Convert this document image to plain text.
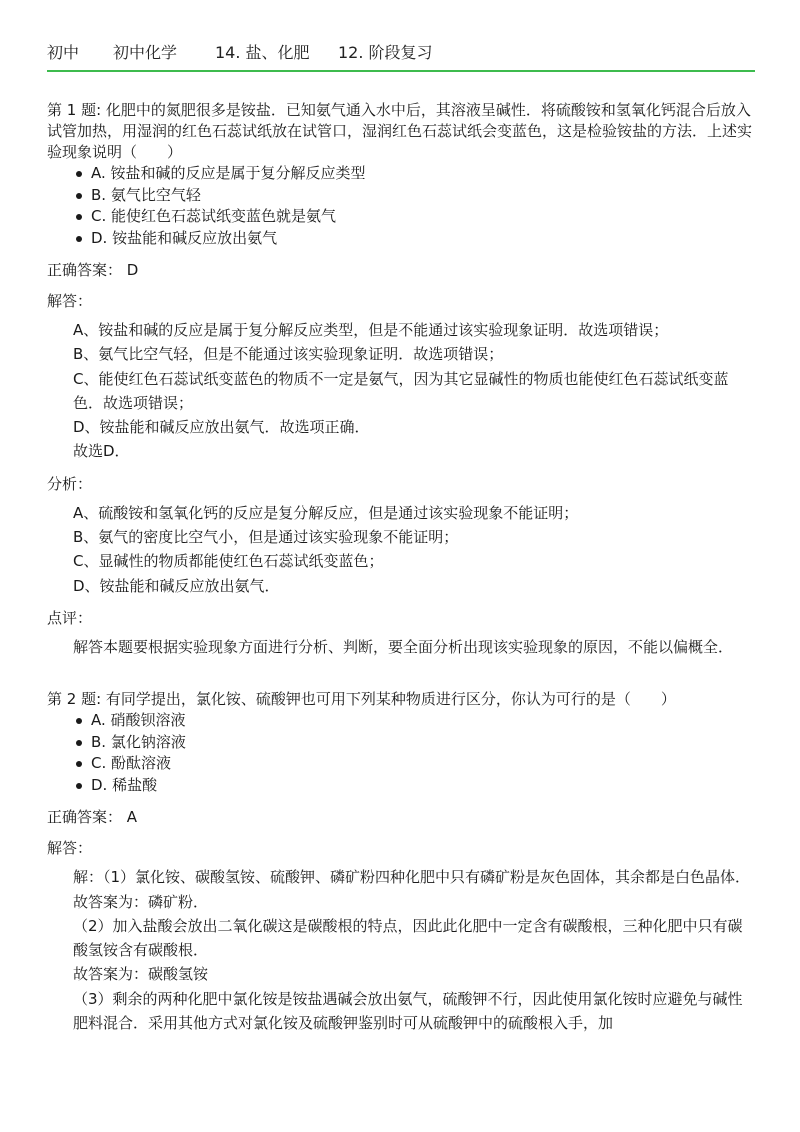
初中	初中化学	14. 盐、化肥	12. 阶段复习

第 1 题: 化肥中的氮肥很多是铵盐．已知氨气通入水中后，其溶液呈碱性．将硫酸铵和氢氧化钙混合后放入试管加热，用湿润的红色石蕊试纸放在试管口，湿润红色石蕊试纸会变蓝色，这是检验铵盐的方法．上述实验现象说明（　　）

A. 铵盐和碱的反应是属于复分解反应类型
B. 氨气比空气轻
C. 能使红色石蕊试纸变蓝色就是氨气
D. 铵盐能和碱反应放出氨气
正确答案： D
解答：

A、铵盐和碱的反应是属于复分解反应类型，但是不能通过该实验现象证明．故选项错误；

B、氨气比空气轻，但是不能通过该实验现象证明．故选项错误；

C、能使红色石蕊试纸变蓝色的物质不一定是氨气，因为其它显碱性的物质也能使红色石蕊试纸变蓝色．故选项错误；

D、铵盐能和碱反应放出氨气．故选项正确．

故选D．

分析：

A、硫酸铵和氢氧化钙的反应是复分解反应，但是通过该实验现象不能证明；

B、氨气的密度比空气小，但是通过该实验现象不能证明；

C、显碱性的物质都能使红色石蕊试纸变蓝色；

D、铵盐能和碱反应放出氨气．

点评：

解答本题要根据实验现象方面进行分析、判断，要全面分析出现该实验现象的原因，不能以偏概全．

第 2 题: 有同学提出，氯化铵、硫酸钾也可用下列某种物质进行区分，你认为可行的是（　　）

A. 硝酸钡溶液
B. 氯化钠溶液
C. 酚酞溶液
D. 稀盐酸
正确答案： A
解答：

解：（1）氯化铵、碳酸氢铵、硫酸钾、磷矿粉四种化肥中只有磷矿粉是灰色固体，其余都是白色晶体．故答案为：磷矿粉．

（2）加入盐酸会放出二氧化碳这是碳酸根的特点，因此此化肥中一定含有碳酸根，三种化肥中只有碳酸氢铵含有碳酸根．

故答案为：碳酸氢铵

（3）剩余的两种化肥中氯化铵是铵盐遇碱会放出氨气，硫酸钾不行，因此使用氯化铵时应避免与碱性肥料混合．采用其他方式对氯化铵及硫酸钾鉴别时可从硫酸钾中的硫酸根入手，加
